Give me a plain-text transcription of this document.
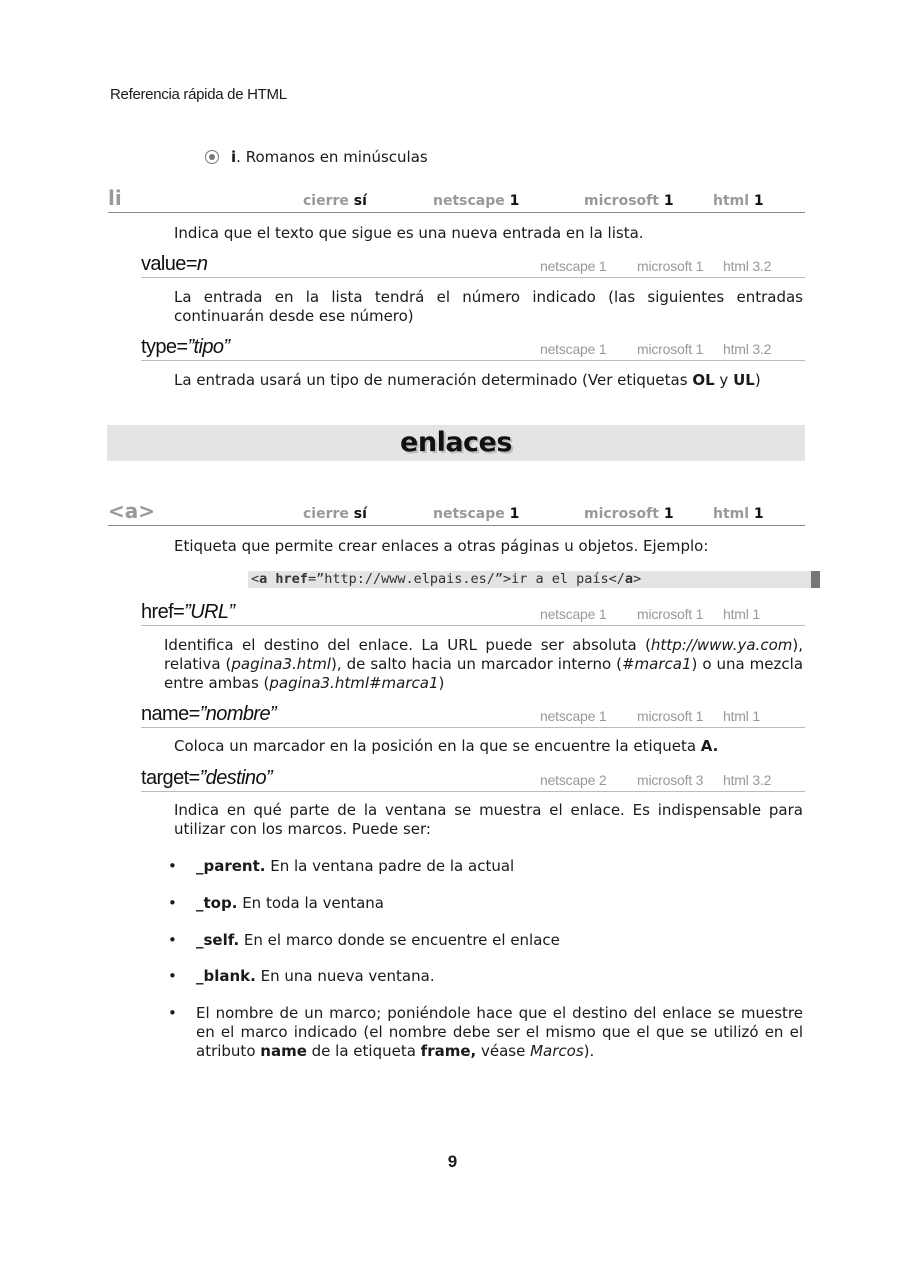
Referencia rápida de HTML
i. Romanos en minúsculas
li	cierre sí	netscape 1	microsoft 1	html 1
Indica que el texto que sigue es una nueva entrada en la lista.
value=n	netscape 1 microsoft 1 html 3.2
La entrada en la lista tendrá el número indicado (las siguientes entradas continuarán desde ese número)
type=”tipo”	netscape 1 microsoft 1 html 3.2
La entrada usará un tipo de numeración determinado (Ver etiquetas OL y UL)
enlaces
<a>	cierre sí	netscape 1	microsoft 1	html 1
Etiqueta que permite crear enlaces a otras páginas u objetos. Ejemplo:
<a href=”http://www.elpais.es/”>ir a el país</a>
href=”URL”	netscape 1 microsoft 1 html 1
Identifica el destino del enlace. La URL puede ser absoluta (http://www.ya.com), relativa (pagina3.html), de salto hacia un marcador interno (#marca1) o una mezcla entre ambas (pagina3.html#marca1)
name=”nombre”	netscape 1 microsoft 1 html 1
Coloca un marcador en la posición en la que se encuentre la etiqueta A.
target=”destino”	netscape 2 microsoft 3 html 3.2
Indica en qué parte de la ventana se muestra el enlace. Es indispensable para utilizar con los marcos. Puede ser:
• _parent. En la ventana padre de la actual
• _top. En toda la ventana
• _self. En el marco donde se encuentre el enlace
• _blank. En una nueva ventana.
• El nombre de un marco; poniéndole hace que el destino del enlace se muestre en el marco indicado (el nombre debe ser el mismo que el que se utilizó en el atributo name de la etiqueta frame, véase Marcos).
9
